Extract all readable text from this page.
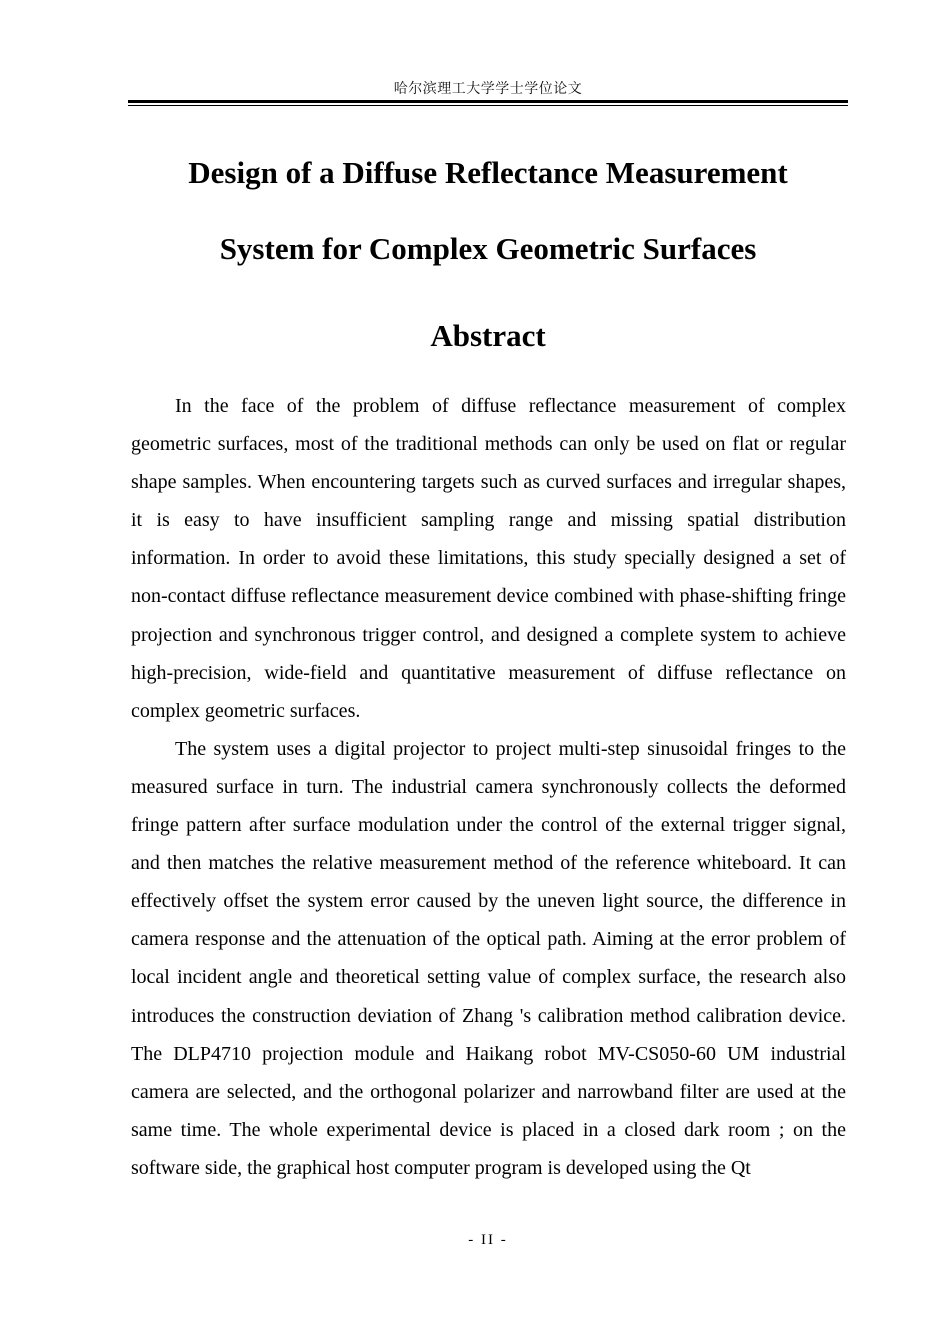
哈尔滨理工大学学士学位论文
Design of a Diffuse Reflectance Measurement
System for Complex Geometric Surfaces
Abstract

In the face of the problem of diffuse reflectance measurement of complex geometric surfaces, most of the traditional methods can only be used on flat or regular shape samples. When encountering targets such as curved surfaces and irregular shapes, it is easy to have insufficient sampling range and missing spatial distribution information. In order to avoid these limitations, this study specially designed a set of non-contact diffuse reflectance measurement device combined with phase-shifting fringe projection and synchronous trigger control, and designed a complete system to achieve high-precision, wide-field and quantitative measurement of diffuse reflectance on complex geometric surfaces.

The system uses a digital projector to project multi-step sinusoidal fringes to the measured surface in turn. The industrial camera synchronously collects the deformed fringe pattern after surface modulation under the control of the external trigger signal, and then matches the relative measurement method of the reference whiteboard. It can effectively offset the system error caused by the uneven light source, the difference in camera response and the attenuation of the optical path. Aiming at the error problem of local incident angle and theoretical setting value of complex surface, the research also introduces the construction deviation of Zhang 's calibration method calibration device. The DLP4710 projection module and Haikang robot MV-CS050-60 UM industrial camera are selected, and the orthogonal polarizer and narrowband filter are used at the same time. The whole experimental device is placed in a closed dark room ; on the software side, the graphical host computer program is developed using the Qt

- II -
